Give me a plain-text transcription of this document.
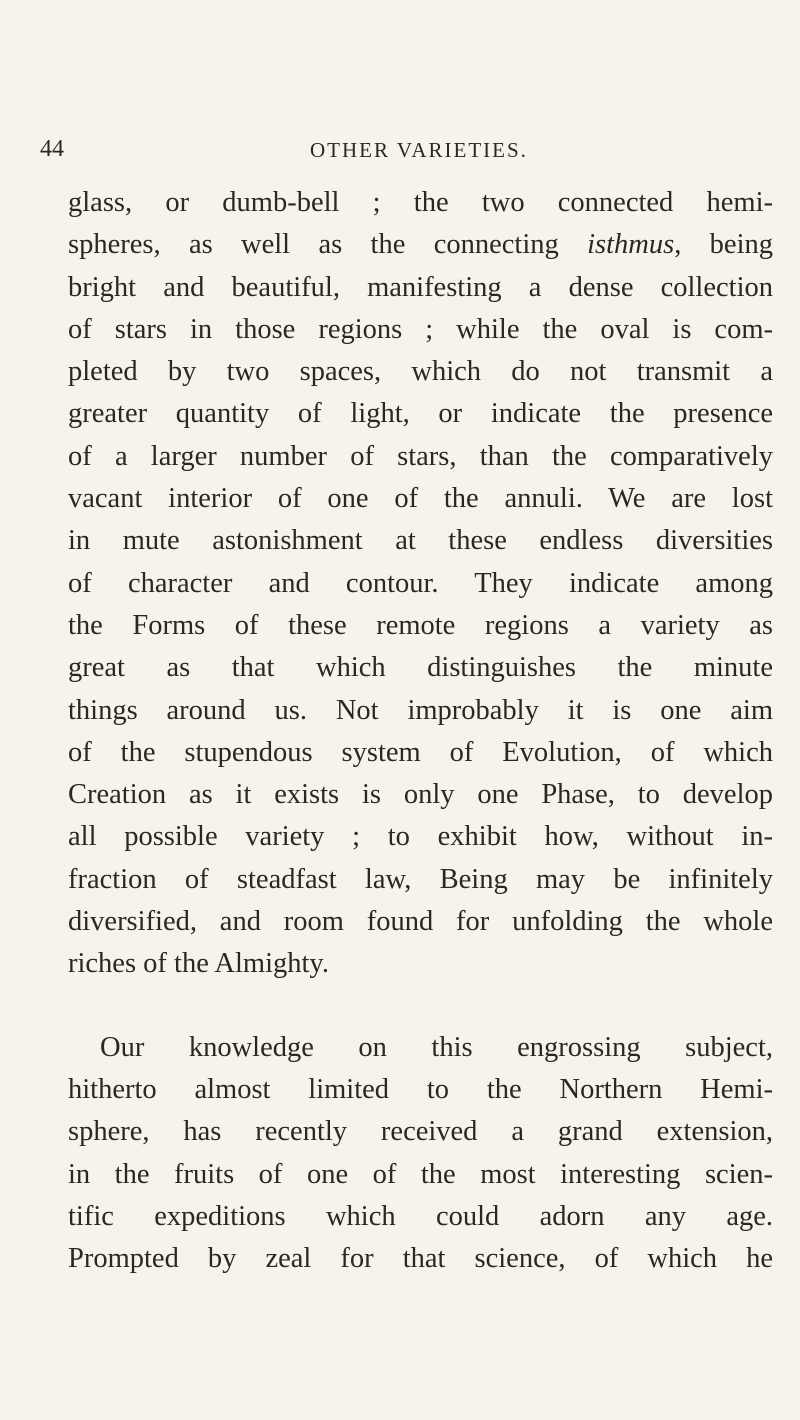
44	OTHER VARIETIES.
glass, or dumb-bell ; the two connected hemi-
spheres, as well as the connecting isthmus, being
bright and beautiful, manifesting a dense collection
of stars in those regions ; while the oval is com-
pleted by two spaces, which do not transmit a
greater quantity of light, or indicate the presence
of a larger number of stars, than the comparatively
vacant interior of one of the annuli. We are lost
in mute astonishment at these endless diversities
of character and contour. They indicate among
the Forms of these remote regions a variety as
great as that which distinguishes the minute
things around us. Not improbably it is one aim
of the stupendous system of Evolution, of which
Creation as it exists is only one Phase, to develop
all possible variety ; to exhibit how, without in-
fraction of steadfast law, Being may be infinitely
diversified, and room found for unfolding the whole
riches of the Almighty.
Our knowledge on this engrossing subject,
hitherto almost limited to the Northern Hemi-
sphere, has recently received a grand extension,
in the fruits of one of the most interesting scien-
tific expeditions which could adorn any age.
Prompted by zeal for that science, of which he
